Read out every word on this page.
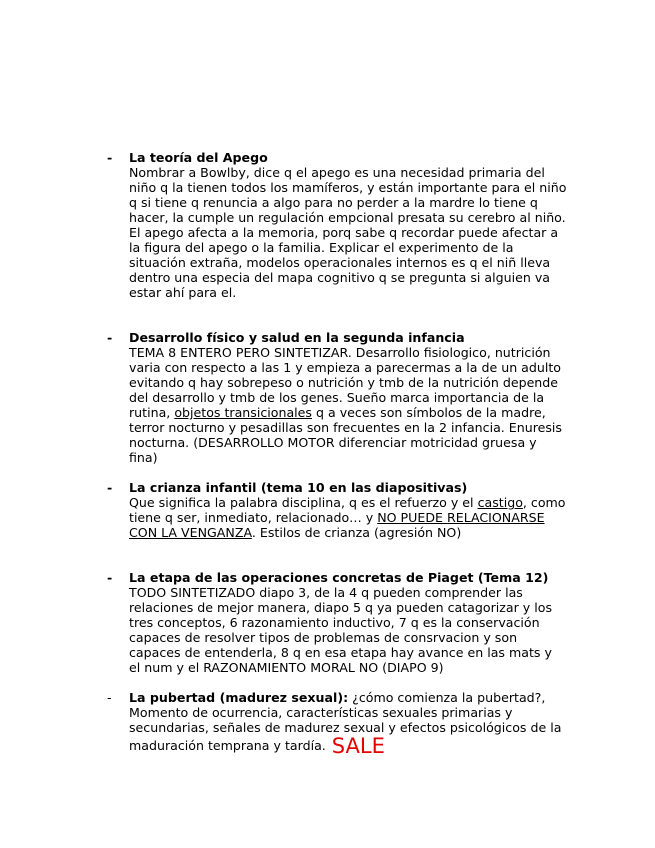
-	La teoría del Apego
Nombrar a Bowlby, dice q el apego es una necesidad primaria del niño q la tienen todos los mamíferos, y están importante para el niño q si tiene q renuncia a algo para no perder a la mardre lo tiene q hacer, la cumple un regulación empcional presata su cerebro al niño.
El apego afecta a la memoria, porq sabe q recordar puede afectar a la figura del apego o la familia. Explicar el experimento de la situación extraña, modelos operacionales internos es q el niñ lleva dentro una especia del mapa cognitivo q se pregunta si alguien va estar ahí para el.
-	Desarrollo físico y salud en la segunda infancia
TEMA 8 ENTERO PERO SINTETIZAR. Desarrollo fisiologico, nutrición varia con respecto a las 1 y empieza a parecermas a la de un adulto evitando q hay sobrepeso o nutrición y tmb de la nutrición depende del desarrollo y tmb de los genes. Sueño marca importancia de la rutina, objetos transicionales q a veces son símbolos de la madre, terror nocturno y pesadillas son frecuentes en la 2 infancia. Enuresis nocturna. (DESARROLLO MOTOR diferenciar motricidad gruesa y fina)
-	La crianza infantil (tema 10 en las diapositivas)
Que significa la palabra disciplina, q es el refuerzo y el castigo, como tiene q ser, inmediato, relacionado… y NO PUEDE RELACIONARSE CON LA VENGANZA. Estilos de crianza (agresión NO)
-	La etapa de las operaciones concretas de Piaget (Tema 12)
TODO SINTETIZADO diapo 3, de la 4 q pueden comprender las relaciones de mejor manera, diapo 5 q ya pueden catagorizar y los tres conceptos, 6 razonamiento inductivo, 7 q es la conservación capaces de resolver tipos de problemas de consrvacion y son capaces de entenderla, 8 q en esa etapa hay avance en las mats y el num y el RAZONAMIENTO MORAL NO (DIAPO 9)
-	La pubertad (madurez sexual): ¿cómo comienza la pubertad?, Momento de ocurrencia, características sexuales primarias y secundarias, señales de madurez sexual y efectos psicológicos de la maduración temprana y tardía. SALE
